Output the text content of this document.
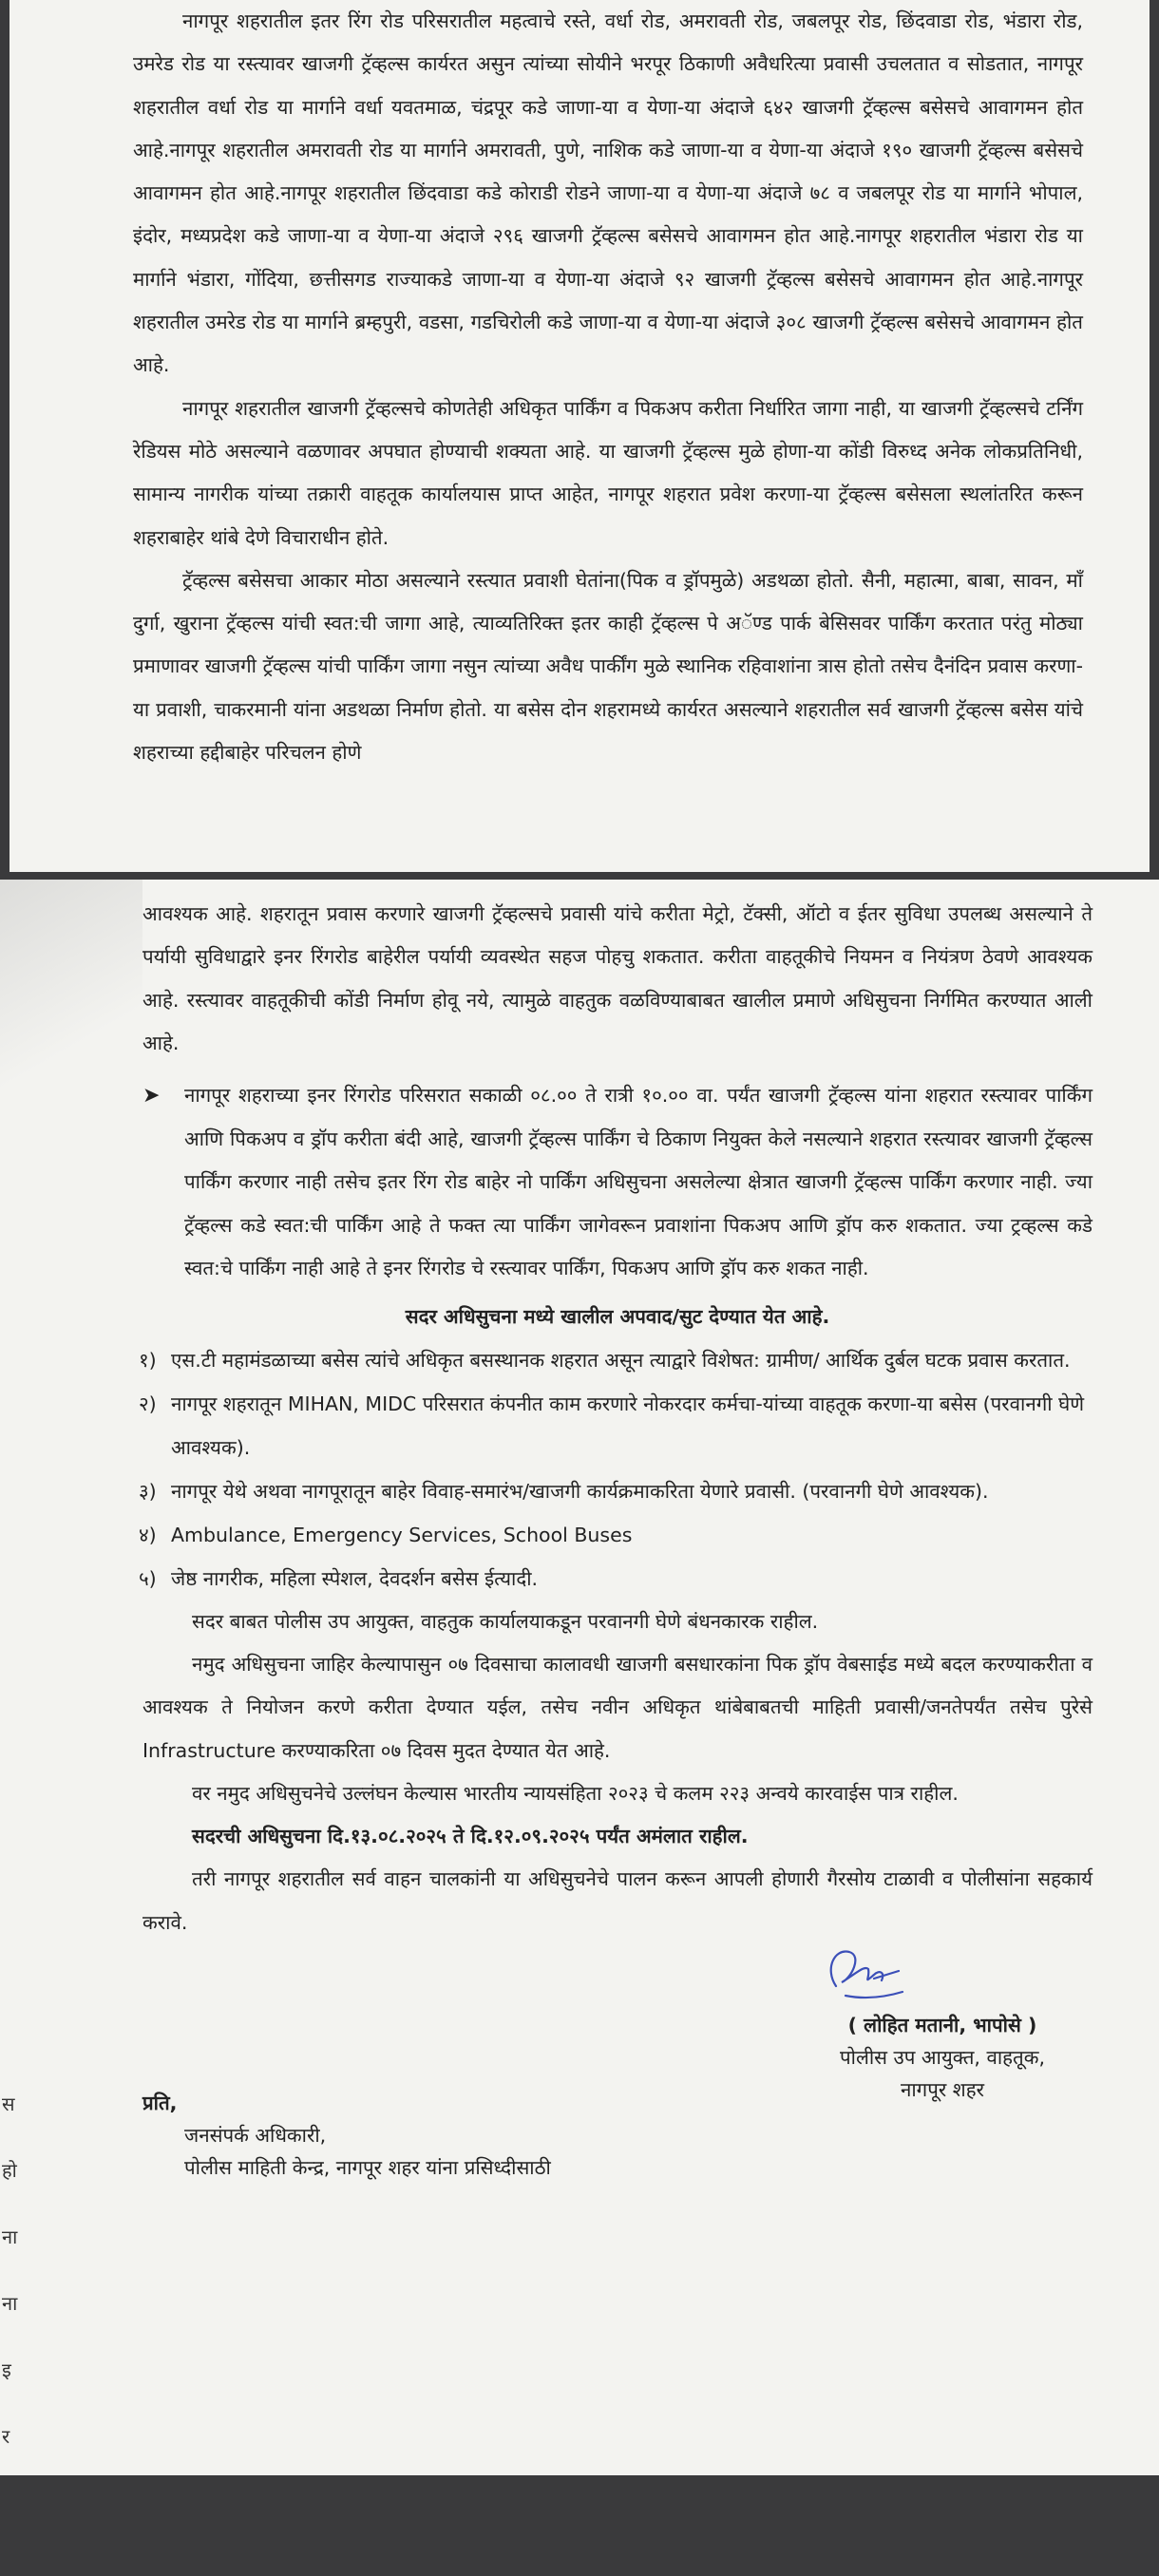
नागपूर शहरातील इतर रिंग रोड परिसरातील महत्वाचे रस्ते, वर्धा रोड, अमरावती रोड, जबलपूर रोड, छिंदवाडा रोड, भंडारा रोड, उमरेड रोड या रस्त्यावर खाजगी ट्रॅव्हल्स कार्यरत असुन त्यांच्या सोयीने भरपूर ठिकाणी अवैधरित्या प्रवासी उचलतात व सोडतात, नागपूर शहरातील वर्धा रोड या मार्गाने वर्धा यवतमाळ, चंद्रपूर कडे जाणा-या व येणा-या अंदाजे ६४२ खाजगी ट्रॅव्हल्स बसेसचे आवागमन होत आहे.नागपूर शहरातील अमरावती रोड या मार्गाने अमरावती, पुणे, नाशिक कडे जाणा-या व येणा-या अंदाजे १९० खाजगी ट्रॅव्हल्स बसेसचे आवागमन होत आहे.नागपूर शहरातील छिंदवाडा कडे कोराडी रोडने जाणा-या व येणा-या अंदाजे ७८ व जबलपूर रोड या मार्गाने भोपाल, इंदोर, मध्यप्रदेश कडे जाणा-या व येणा-या अंदाजे २९६ खाजगी ट्रॅव्हल्स बसेसचे आवागमन होत आहे.नागपूर शहरातील भंडारा रोड या मार्गाने भंडारा, गोंदिया, छत्तीसगड राज्याकडे जाणा-या व येणा-या अंदाजे ९२ खाजगी ट्रॅव्हल्स बसेसचे आवागमन होत आहे.नागपूर शहरातील उमरेड रोड या मार्गाने ब्रम्हपुरी, वडसा, गडचिरोली कडे जाणा-या व येणा-या अंदाजे ३०८ खाजगी ट्रॅव्हल्स बसेसचे आवागमन होत आहे.

नागपूर शहरातील खाजगी ट्रॅव्हल्सचे कोणतेही अधिकृत पार्किंग व पिकअप करीता निर्धारित जागा नाही, या खाजगी ट्रॅव्हल्सचे टर्निंग रेडियस मोठे असल्याने वळणावर अपघात होण्याची शक्यता आहे. या खाजगी ट्रॅव्हल्स मुळे होणा-या कोंडी विरुध्द अनेक लोकप्रतिनिधी, सामान्य नागरीक यांच्या तक्रारी वाहतूक कार्यालयास प्राप्त आहेत, नागपूर शहरात प्रवेश करणा-या ट्रॅव्हल्स बसेसला स्थलांतरित करून शहराबाहेर थांबे देणे विचाराधीन होते.

ट्रॅव्हल्स बसेसचा आकार मोठा असल्याने रस्त्यात प्रवाशी घेतांना(पिक व ड्रॉपमुळे) अडथळा होतो. सैनी, महात्मा, बाबा, सावन, माँ दुर्गा, खुराना ट्रॅव्हल्स यांची स्वत:ची जागा आहे, त्याव्यतिरिक्त इतर काही ट्रॅव्हल्स पे अॅण्ड पार्क बेसिसवर पार्किंग करतात परंतु मोठ्या प्रमाणावर खाजगी ट्रॅव्हल्स यांची पार्किंग जागा नसुन त्यांच्या अवैध पार्कींग मुळे स्थानिक रहिवाशांना त्रास होतो तसेच दैनंदिन प्रवास करणा-या प्रवाशी, चाकरमानी यांना अडथळा निर्माण होतो. या बसेस दोन शहरामध्ये कार्यरत असल्याने शहरातील सर्व खाजगी ट्रॅव्हल्स बसेस यांचे शहराच्या हद्दीबाहेर परिचलन होणे

आवश्यक आहे. शहरातून प्रवास करणारे खाजगी ट्रॅव्हल्सचे प्रवासी यांचे करीता मेट्रो, टॅक्सी, ऑटो व ईतर सुविधा उपलब्ध असल्याने ते पर्यायी सुविधाद्वारे इनर रिंगरोड बाहेरील पर्यायी व्यवस्थेत सहज पोहचु शकतात. करीता वाहतूकीचे नियमन व नियंत्रण ठेवणे आवश्यक आहे. रस्त्यावर वाहतूकीची कोंडी निर्माण होवू नये, त्यामुळे वाहतुक वळविण्याबाबत खालील प्रमाणे अधिसुचना निर्गमित करण्यात आली आहे.

➤ नागपूर शहराच्या इनर रिंगरोड परिसरात सकाळी ०८.०० ते रात्री १०.०० वा. पर्यंत खाजगी ट्रॅव्हल्स यांना शहरात रस्त्यावर पार्किंग आणि पिकअप व ड्रॉप करीता बंदी आहे, खाजगी ट्रॅव्हल्स पार्किंग चे ठिकाण नियुक्त केले नसल्याने शहरात रस्त्यावर खाजगी ट्रॅव्हल्स पार्किंग करणार नाही तसेच इतर रिंग रोड बाहेर नो पार्किंग अधिसुचना असलेल्या क्षेत्रात खाजगी ट्रॅव्हल्स पार्किंग करणार नाही. ज्या ट्रॅव्हल्स कडे स्वत:ची पार्किंग आहे ते फक्त त्या पार्किंग जागेवरून प्रवाशांना पिकअप आणि ड्रॉप करु शकतात. ज्या ट्रव्हल्स कडे स्वत:चे पार्किंग नाही आहे ते इनर रिंगरोड चे रस्त्यावर पार्किंग, पिकअप आणि ड्रॉप करु शकत नाही.

सदर अधिसुचना मध्ये खालील अपवाद/सुट देण्यात येत आहे.

१) एस.टी महामंडळाच्या बसेस त्यांचे अधिकृत बसस्थानक शहरात असून त्याद्वारे विशेषत: ग्रामीण/ आर्थिक दुर्बल घटक प्रवास करतात.

२) नागपूर शहरातून MIHAN, MIDC परिसरात कंपनीत काम करणारे नोकरदार कर्मचा-यांच्या वाहतूक करणा-या बसेस (परवानगी घेणे आवश्यक).

३) नागपूर येथे अथवा नागपूरातून बाहेर विवाह-समारंभ/खाजगी कार्यक्रमाकरिता येणारे प्रवासी. (परवानगी घेणे आवश्यक).

४) Ambulance, Emergency Services, School Buses

५) जेष्ठ नागरीक, महिला स्पेशल, देवदर्शन बसेस ईत्यादी.

सदर बाबत पोलीस उप आयुक्त, वाहतुक कार्यालयाकडून परवानगी घेणे बंधनकारक राहील.

नमुद अधिसुचना जाहिर केल्यापासुन ०७ दिवसाचा कालावधी खाजगी बसधारकांना पिक ड्रॉप वेबसाईड मध्ये बदल करण्याकरीता व आवश्यक ते नियोजन करणे करीता देण्यात यईल, तसेच नवीन अधिकृत थांबेबाबतची माहिती प्रवासी/जनतेपर्यंत तसेच पुरेसे Infrastructure करण्याकरिता ०७ दिवस मुदत देण्यात येत आहे.

वर नमुद अधिसुचनेचे उल्लंघन केल्यास भारतीय न्यायसंहिता २०२३ चे कलम २२३ अन्वये कारवाईस पात्र राहील.

सदरची अधिसुचना दि.१३.०८.२०२५ ते दि.१२.०९.२०२५ पर्यंत अमंलात राहील.

तरी नागपूर शहरातील सर्व वाहन चालकांनी या अधिसुचनेचे पालन करून आपली होणारी गैरसोय टाळावी व पोलीसांना सहकार्य करावे.

( लोहित मतानी, भापोसे )
पोलीस उप आयुक्त, वाहतूक,
नागपूर शहर
प्रति,
जनसंपर्क अधिकारी,
पोलीस माहिती केन्द्र, नागपूर शहर यांना प्रसिध्दीसाठी
स
हो
ना
ना
इ
र
